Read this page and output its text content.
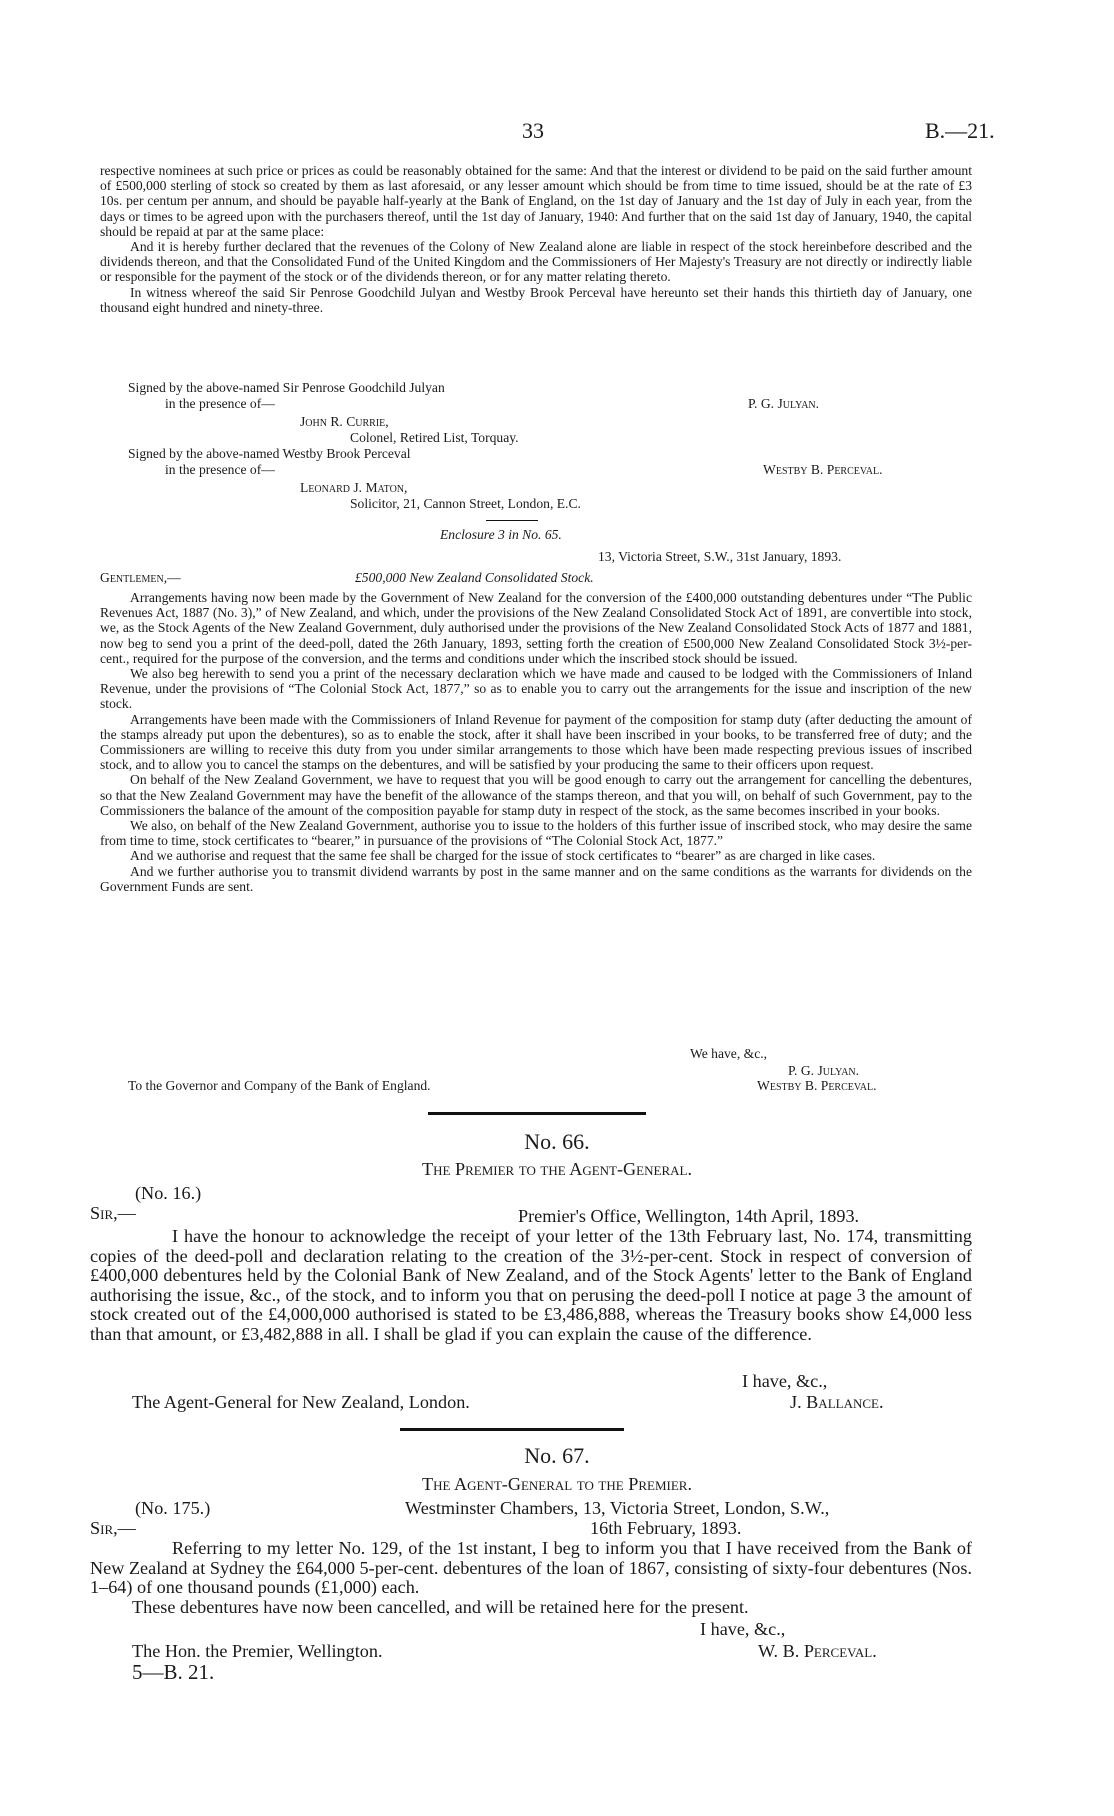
33	B.—21.

respective nominees at such price or prices as could be reasonably obtained for the same: And that the interest or dividend to be paid on the said further amount of £500,000 sterling of stock so created by them as last aforesaid, or any lesser amount which should be from time to time issued, should be at the rate of £3 10s. per centum per annum, and should be payable half-yearly at the Bank of England, on the 1st day of January and the 1st day of July in each year, from the days or times to be agreed upon with the purchasers thereof, until the 1st day of January, 1940: And further that on the said 1st day of January, 1940, the capital should be repaid at par at the same place:

And it is hereby further declared that the revenues of the Colony of New Zealand alone are liable in respect of the stock hereinbefore described and the dividends thereon, and that the Consolidated Fund of the United Kingdom and the Commissioners of Her Majesty's Treasury are not directly or indirectly liable or responsible for the payment of the stock or of the dividends thereon, or for any matter relating thereto.

In witness whereof the said Sir Penrose Goodchild Julyan and Westby Brook Perceval have hereunto set their hands this thirtieth day of January, one thousand eight hundred and ninety-three.

Signed by the above-named Sir Penrose Goodchild Julyan
in the presence of—	P. G. Julyan.
John R. Currie,
Colonel, Retired List, Torquay.
Signed by the above-named Westby Brook Perceval
in the presence of—	Westby B. Perceval.
Leonard J. Maton,
Solicitor, 21, Cannon Street, London, E.C.
Enclosure 3 in No. 65.
13, Victoria Street, S.W., 31st January, 1893.
Gentlemen,—	£500,000 New Zealand Consolidated Stock.

Arrangements having now been made by the Government of New Zealand for the conversion of the £400,000 outstanding debentures under “The Public Revenues Act, 1887 (No. 3),” of New Zealand, and which, under the provisions of the New Zealand Consolidated Stock Act of 1891, are convertible into stock, we, as the Stock Agents of the New Zealand Government, duly authorised under the provisions of the New Zealand Consolidated Stock Acts of 1877 and 1881, now beg to send you a print of the deed-poll, dated the 26th January, 1893, setting forth the creation of £500,000 New Zealand Consolidated Stock 3½-per-cent., required for the purpose of the conversion, and the terms and conditions under which the inscribed stock should be issued.

We also beg herewith to send you a print of the necessary declaration which we have made and caused to be lodged with the Commissioners of Inland Revenue, under the provisions of “The Colonial Stock Act, 1877,” so as to enable you to carry out the arrangements for the issue and inscription of the new stock.

Arrangements have been made with the Commissioners of Inland Revenue for payment of the composition for stamp duty (after deducting the amount of the stamps already put upon the debentures), so as to enable the stock, after it shall have been inscribed in your books, to be transferred free of duty; and the Commissioners are willing to receive this duty from you under similar arrangements to those which have been made respecting previous issues of inscribed stock, and to allow you to cancel the stamps on the debentures, and will be satisfied by your producing the same to their officers upon request.

On behalf of the New Zealand Government, we have to request that you will be good enough to carry out the arrangement for cancelling the debentures, so that the New Zealand Government may have the benefit of the allowance of the stamps thereon, and that you will, on behalf of such Government, pay to the Commissioners the balance of the amount of the composition payable for stamp duty in respect of the stock, as the same becomes inscribed in your books.

We also, on behalf of the New Zealand Government, authorise you to issue to the holders of this further issue of inscribed stock, who may desire the same from time to time, stock certificates to “bearer,” in pursuance of the provisions of “The Colonial Stock Act, 1877.”

And we authorise and request that the same fee shall be charged for the issue of stock certificates to “bearer” as are charged in like cases.

And we further authorise you to transmit dividend warrants by post in the same manner and on the same conditions as the warrants for dividends on the Government Funds are sent.

We have, &c.,
P. G. Julyan.
To the Governor and Company of the Bank of England.	Westby B. Perceval.
No. 66.
The Premier to the Agent-General.
(No. 16.)
Sir,—	Premier's Office, Wellington, 14th April, 1893.

I have the honour to acknowledge the receipt of your letter of the 13th February last, No. 174, transmitting copies of the deed-poll and declaration relating to the creation of the 3½-per-cent. Stock in respect of conversion of £400,000 debentures held by the Colonial Bank of New Zealand, and of the Stock Agents' letter to the Bank of England authorising the issue, &c., of the stock, and to inform you that on perusing the deed-poll I notice at page 3 the amount of stock created out of the £4,000,000 authorised is stated to be £3,486,888, whereas the Treasury books show £4,000 less than that amount, or £3,482,888 in all. I shall be glad if you can explain the cause of the difference.

I have, &c.,
The Agent-General for New Zealand, London.	J. Ballance.
No. 67.
The Agent-General to the Premier.
(No. 175.)	Westminster Chambers, 13, Victoria Street, London, S.W.,
Sir,—	16th February, 1893.

Referring to my letter No. 129, of the 1st instant, I beg to inform you that I have received from the Bank of New Zealand at Sydney the £64,000 5-per-cent. debentures of the loan of 1867, consisting of sixty-four debentures (Nos. 1–64) of one thousand pounds (£1,000) each.

These debentures have now been cancelled, and will be retained here for the present.

I have, &c.,
The Hon. the Premier, Wellington.	W. B. Perceval.
5—B. 21.
